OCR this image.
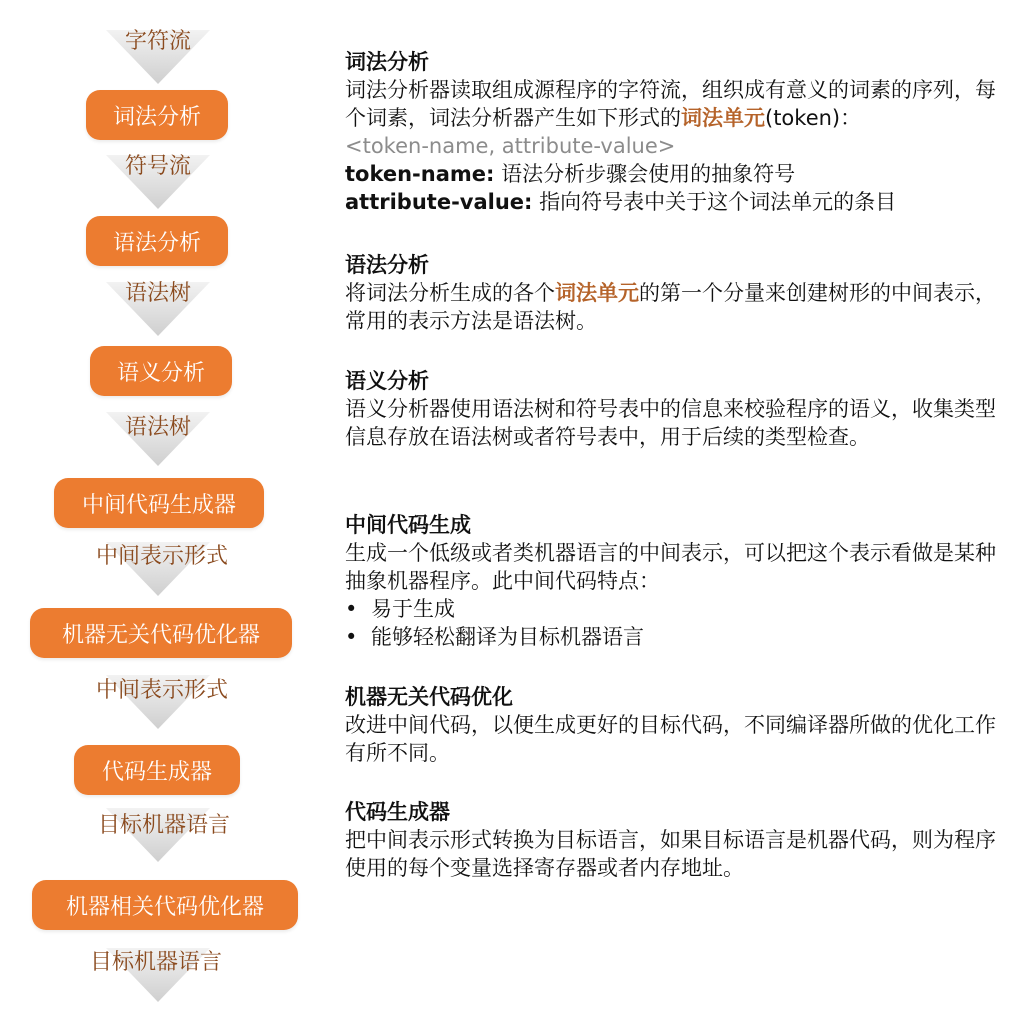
字符流
符号流
语法树
语法树
中间表示形式
中间表示形式
目标机器语言
目标机器语言
词法分析
语法分析
语义分析
中间代码生成器
机器无关代码优化器
代码生成器
机器相关代码优化器
词法分析
词法分析器读取组成源程序的字符流，组织成有意义的词素的序列，每个词素，词法分析器产生如下形式的词法单元(token)：
<token-name, attribute-value>
token-name: 语法分析步骤会使用的抽象符号
attribute-value: 指向符号表中关于这个词法单元的条目
语法分析
将词法分析生成的各个词法单元的第一个分量来创建树形的中间表示，常用的表示方法是语法树。
语义分析
语义分析器使用语法树和符号表中的信息来校验程序的语义，收集类型信息存放在语法树或者符号表中，用于后续的类型检查。
中间代码生成
生成一个低级或者类机器语言的中间表示，可以把这个表示看做是某种抽象机器程序。此中间代码特点：
• 易于生成
• 能够轻松翻译为目标机器语言
机器无关代码优化
改进中间代码，以便生成更好的目标代码，不同编译器所做的优化工作有所不同。
代码生成器
把中间表示形式转换为目标语言，如果目标语言是机器代码，则为程序使用的每个变量选择寄存器或者内存地址。
